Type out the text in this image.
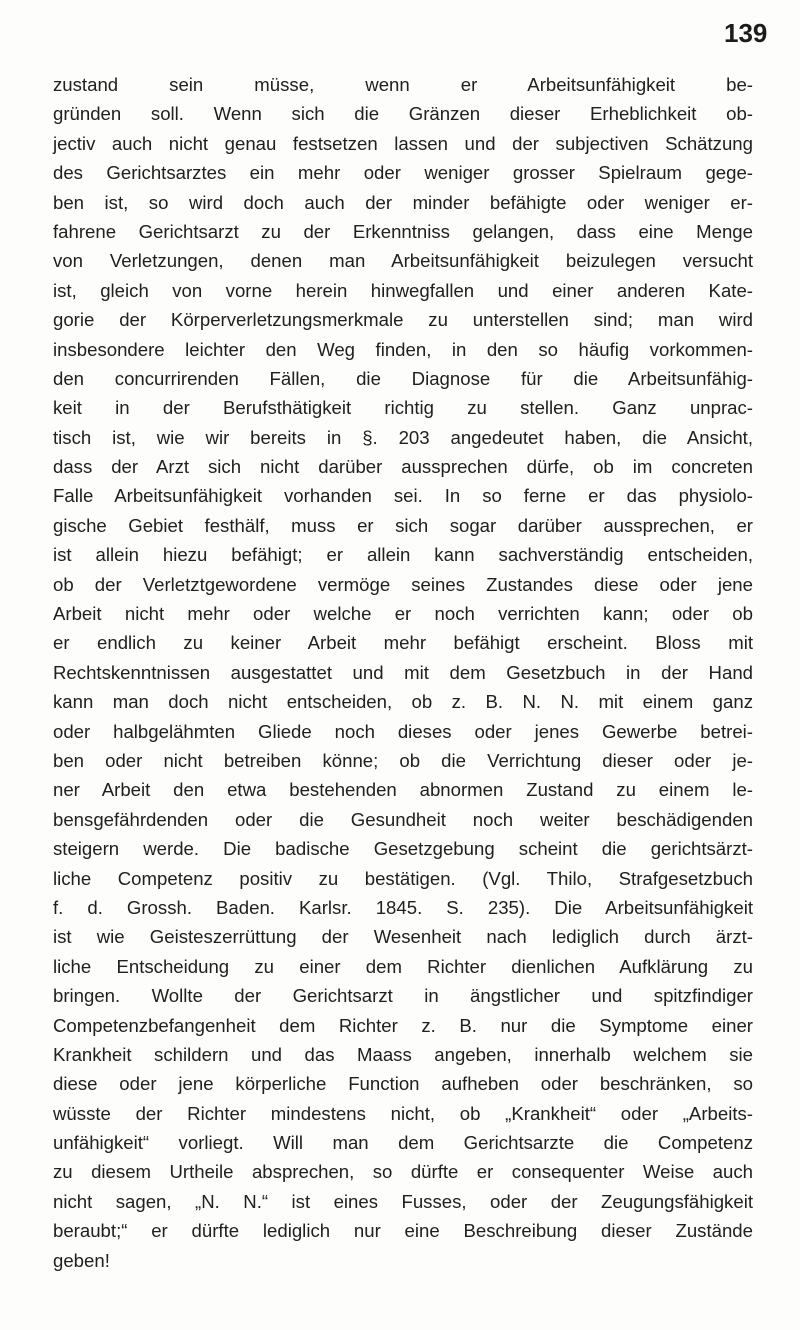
139
zustand sein müsse, wenn er Arbeitsunfähigkeit be-
gründen soll. Wenn sich die Gränzen dieser Erheblichkeit ob-
jectiv auch nicht genau festsetzen lassen und der subjectiven Schätzung
des Gerichtsarztes ein mehr oder weniger grosser Spielraum gege-
ben ist, so wird doch auch der minder befähigte oder weniger er-
fahrene Gerichtsarzt zu der Erkenntniss gelangen, dass eine Menge
von Verletzungen, denen man Arbeitsunfähigkeit beizulegen versucht
ist, gleich von vorne herein hinwegfallen und einer anderen Kate-
gorie der Körperverletzungsmerkmale zu unterstellen sind; man wird
insbesondere leichter den Weg finden, in den so häufig vorkommen-
den concurrirenden Fällen, die Diagnose für die Arbeitsunfähig-
keit in der Berufsthätigkeit richtig zu stellen. Ganz unprac-
tisch ist, wie wir bereits in §. 203 angedeutet haben, die Ansicht,
dass der Arzt sich nicht darüber aussprechen dürfe, ob im concreten
Falle Arbeitsunfähigkeit vorhanden sei. In so ferne er das physiolo-
gische Gebiet festhälf, muss er sich sogar darüber aussprechen, er
ist allein hiezu befähigt; er allein kann sachverständig entscheiden,
ob der Verletztgewordene vermöge seines Zustandes diese oder jene
Arbeit nicht mehr oder welche er noch verrichten kann; oder ob
er endlich zu keiner Arbeit mehr befähigt erscheint. Bloss mit
Rechtskenntnissen ausgestattet und mit dem Gesetzbuch in der Hand
kann man doch nicht entscheiden, ob z. B. N. N. mit einem ganz
oder halbgelähmten Gliede noch dieses oder jenes Gewerbe betrei-
ben oder nicht betreiben könne; ob die Verrichtung dieser oder je-
ner Arbeit den etwa bestehenden abnormen Zustand zu einem le-
bensgefährdenden oder die Gesundheit noch weiter beschädigenden
steigern werde. Die badische Gesetzgebung scheint die gerichtsärzt-
liche Competenz positiv zu bestätigen. (Vgl. Thilo, Strafgesetzbuch
f. d. Grossh. Baden. Karlsr. 1845. S. 235). Die Arbeitsunfähigkeit
ist wie Geisteszerrüttung der Wesenheit nach lediglich durch ärzt-
liche Entscheidung zu einer dem Richter dienlichen Aufklärung zu
bringen. Wollte der Gerichtsarzt in ängstlicher und spitzfindiger
Competenzbefangenheit dem Richter z. B. nur die Symptome einer
Krankheit schildern und das Maass angeben, innerhalb welchem sie
diese oder jene körperliche Function aufheben oder beschränken, so
wüsste der Richter mindestens nicht, ob „Krankheit“ oder „Arbeits-
unfähigkeit“ vorliegt. Will man dem Gerichtsarzte die Competenz
zu diesem Urtheile absprechen, so dürfte er consequenter Weise auch
nicht sagen, „N. N.“ ist eines Fusses, oder der Zeugungsfähigkeit
beraubt;“ er dürfte lediglich nur eine Beschreibung dieser Zustände
geben!
